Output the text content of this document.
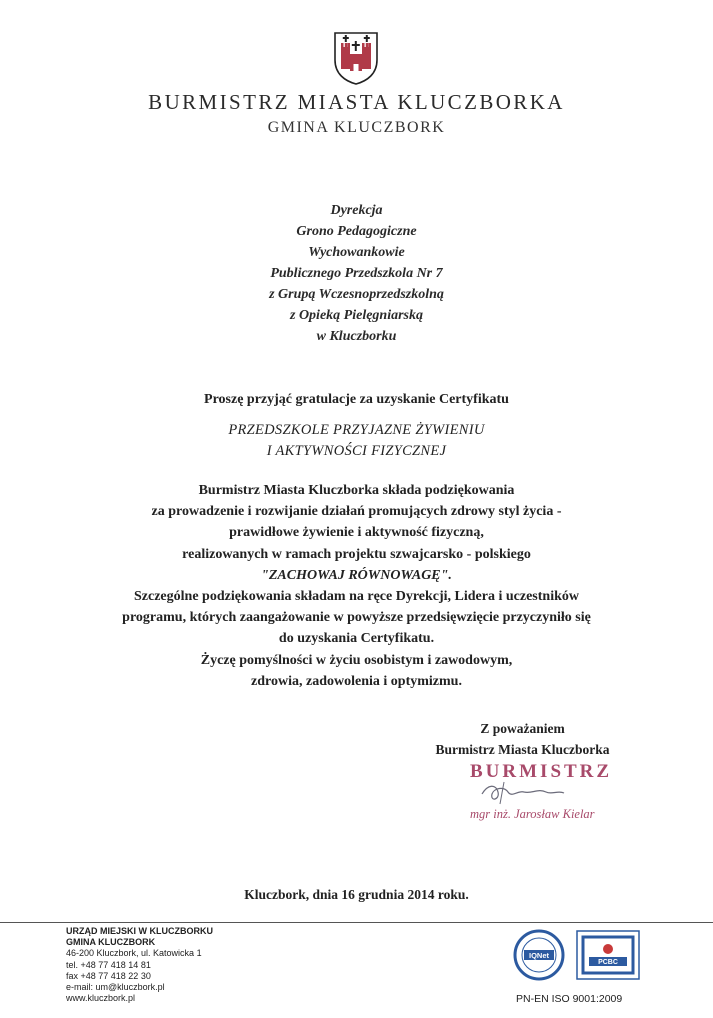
BURMISTRZ MIASTA KLUCZBORKA
GMINA KLUCZBORK
Dyrekcja
Grono Pedagogiczne
Wychowankowie
Publicznego Przedszkola Nr 7
z Grupą Wczesnoprzedszkolną
z Opieką Pielęgniarską
w Kluczborku
Proszę przyjąć gratulacje za uzyskanie Certyfikatu
PRZEDSZKOLE PRZYJAZNE ŻYWIENIU
I AKTYWNOŚCI FIZYCZNEJ
Burmistrz Miasta Kluczborka składa podziękowania
za prowadzenie i rozwijanie działań promujących zdrowy styl życia -
prawidłowe żywienie i aktywność fizyczną,
realizowanych w ramach projektu szwajcarsko - polskiego
"ZACHOWAJ RÓWNOWAGĘ".
Szczególne podziękowania składam na ręce Dyrekcji, Lidera i uczestników
programu, których zaangażowanie w powyższe przedsięwzięcie przyczyniło się
do uzyskania Certyfikatu.
Życzę pomyślności w życiu osobistym i zawodowym,
zdrowia, zadowolenia i optymizmu.
Z poważaniem
Burmistrz Miasta Kluczborka
BURMISTRZ
mgr inż. Jarosław Kielar
Kluczbork, dnia 16 grudnia 2014 roku.
URZĄD MIEJSKI W KLUCZBORKU
GMINA KLUCZBORK
46-200 Kluczbork, ul. Katowicka 1
tel. +48 77 418 14 81
fax +48 77 418 22 30
e-mail: um@kluczbork.pl
www.kluczbork.pl
IQNet
PCBC
PN-EN ISO 9001:2009
